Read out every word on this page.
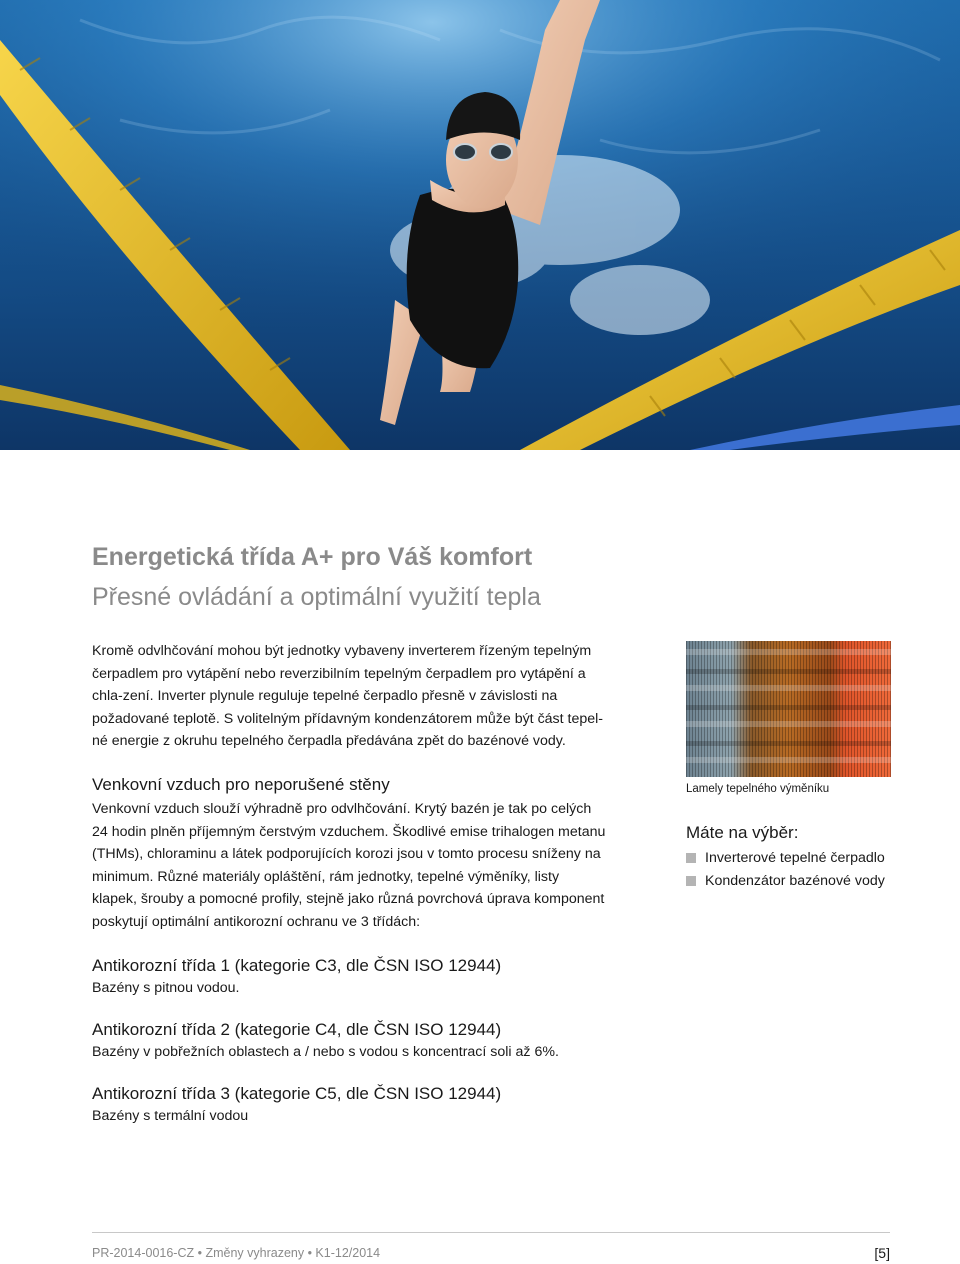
Energetická třída A+ pro Váš komfort
Přesné ovládání a optimální využití tepla
Kromě odvlhčování mohou být jednotky vybaveny inverterem řízeným tepelným
čerpadlem pro vytápění nebo reverzibilním tepelným čerpadlem pro vytápění a
chla-zení. Inverter plynule reguluje tepelné čerpadlo přesně v závislosti na
požadované teplotě. S volitelným přídavným kondenzátorem může být část tepel-
né energie z okruhu tepelného čerpadla předávána zpět do bazénové vody.
Venkovní vzduch pro neporušené stěny
Venkovní vzduch slouží výhradně pro odvlhčování. Krytý bazén je tak po celých
24 hodin plněn příjemným čerstvým vzduchem. Škodlivé emise trihalogen metanu
(THMs), chloraminu a látek podporujících korozi jsou v tomto procesu sníženy na
minimum. Různé materiály opláštění, rám jednotky, tepelné výměníky, listy
klapek, šrouby a pomocné profily, stejně jako různá povrchová úprava komponent
poskytují optimální antikorozní ochranu ve 3 třídách:
Antikorozní třída 1 (kategorie C3, dle ČSN ISO 12944)
Bazény s pitnou vodou.
Antikorozní třída 2 (kategorie C4, dle ČSN ISO 12944)
Bazény v pobřežních oblastech a / nebo s vodou s koncentrací soli až 6%.
Antikorozní třída 3 (kategorie C5, dle ČSN ISO 12944)
Bazény s termální vodou
Lamely tepelného výměníku
Máte na výběr:
Inverterové tepelné čerpadlo
Kondenzátor bazénové vody
PR-2014-0016-CZ • Změny vyhrazeny • K1-12/2014	[5]
